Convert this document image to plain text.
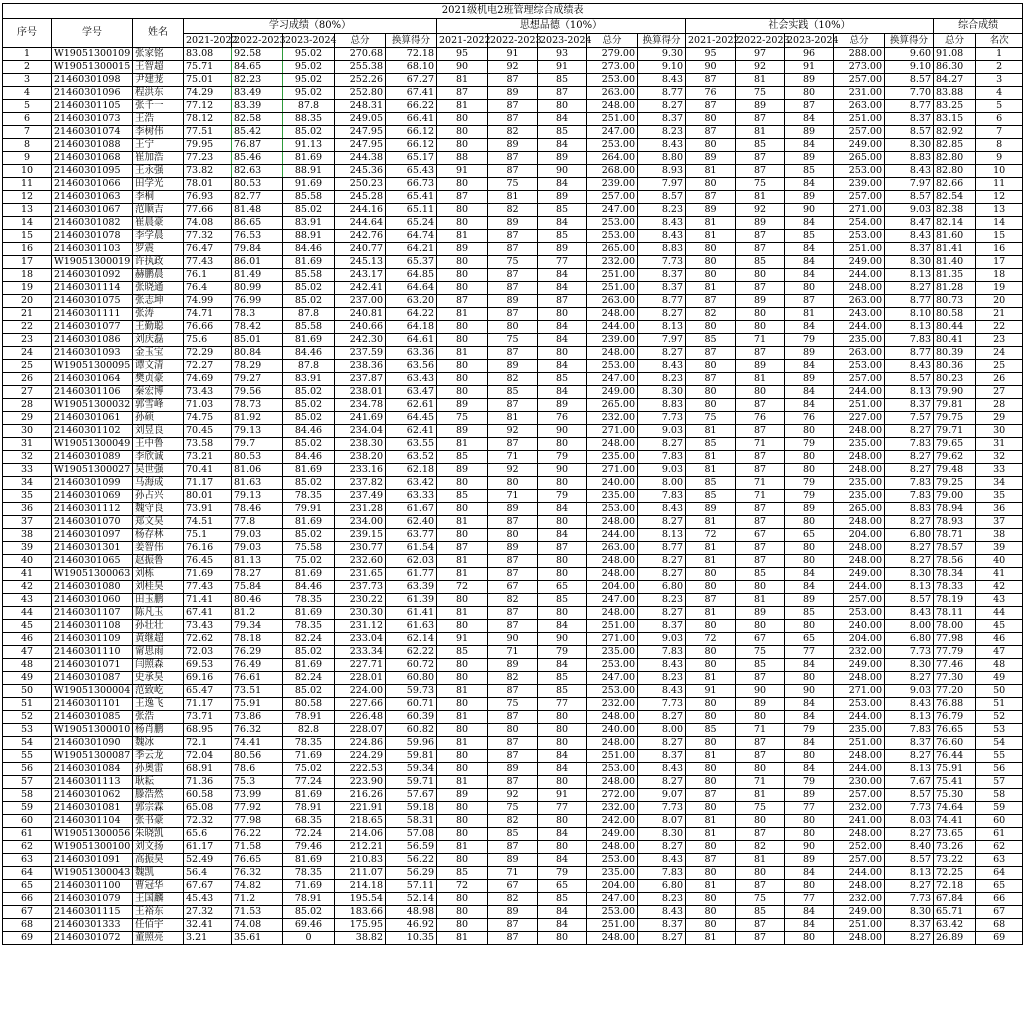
2021级机电2班管理综合成绩表																			
序号	学号	姓名	学习成绩（80%）					思想品德（10%）					社会实践（10%）					综合成绩	
			2021-2022	2022-2023	2023-2024	总分	换算得分	2021-2022	2022-2023	2023-2024	总分	换算得分	2021-2022	2022-2023	2023-2024	总分	换算得分	总分	名次
1	W19051300109	张家铭	83.08	92.58	95.02	270.68	72.18	95	91	93	279.00	9.30	95	97	96	288.00	9.60	91.08	1
2	W19051300015	王智超	75.71	84.65	95.02	255.38	68.10	90	92	91	273.00	9.10	90	92	91	273.00	9.10	86.30	2
3	21460301098	尹建茏	75.01	82.23	95.02	252.26	67.27	81	87	85	253.00	8.43	87	81	89	257.00	8.57	84.27	3
4	21460301096	程洪东	74.29	83.49	95.02	252.80	67.41	87	89	87	263.00	8.77	76	75	80	231.00	7.70	83.88	4
5	21460301105	张千一	77.12	83.39	87.8	248.31	66.22	81	87	80	248.00	8.27	87	89	87	263.00	8.77	83.25	5
6	21460301073	王浩	78.12	82.58	88.35	249.05	66.41	80	87	84	251.00	8.37	80	87	84	251.00	8.37	83.15	6
7	21460301074	李树伟	77.51	85.42	85.02	247.95	66.12	80	82	85	247.00	8.23	87	81	89	257.00	8.57	82.92	7
8	21460301088	王宁	79.95	76.87	91.13	247.95	66.12	80	89	84	253.00	8.43	80	85	84	249.00	8.30	82.85	8
9	21460301068	崔加浩	77.23	85.46	81.69	244.38	65.17	88	87	89	264.00	8.80	89	87	89	265.00	8.83	82.80	9
10	21460301095	王永强	73.82	82.63	88.91	245.36	65.43	91	87	90	268.00	8.93	81	87	85	253.00	8.43	82.80	10
11	21460301066	田学光	78.01	80.53	91.69	250.23	66.73	80	75	84	239.00	7.97	80	75	84	239.00	7.97	82.66	11
12	21460301063	李桐	76.93	82.77	85.58	245.28	65.41	87	81	89	257.00	8.57	87	81	89	257.00	8.57	82.54	12
13	21460301067	范顺吉	77.66	81.48	85.02	244.16	65.11	80	82	85	247.00	8.23	89	92	90	271.00	9.03	82.38	13
14	21460301082	崔晨豪	74.08	86.65	83.91	244.64	65.24	80	89	84	253.00	8.43	81	89	84	254.00	8.47	82.14	14
15	21460301078	李学晨	77.32	76.53	88.91	242.76	64.74	81	87	85	253.00	8.43	81	87	85	253.00	8.43	81.60	15
16	21460301103	罗震	76.47	79.84	84.46	240.77	64.21	89	87	89	265.00	8.83	80	87	84	251.00	8.37	81.41	16
17	W19051300019	许执政	77.43	86.01	81.69	245.13	65.37	80	75	77	232.00	7.73	80	85	84	249.00	8.30	81.40	17
18	21460301092	赫鹏晨	76.1	81.49	85.58	243.17	64.85	80	87	84	251.00	8.37	80	80	84	244.00	8.13	81.35	18
19	21460301114	张晓通	76.4	80.99	85.02	242.41	64.64	80	87	84	251.00	8.37	81	87	80	248.00	8.27	81.28	19
20	21460301075	张志坤	74.99	76.99	85.02	237.00	63.20	87	89	87	263.00	8.77	87	89	87	263.00	8.77	80.73	20
21	21460301111	张涛	74.71	78.3	87.8	240.81	64.22	81	87	80	248.00	8.27	82	80	81	243.00	8.10	80.58	21
22	21460301077	王勤聪	76.66	78.42	85.58	240.66	64.18	80	80	84	244.00	8.13	80	80	84	244.00	8.13	80.44	22
23	21460301086	刘庆磊	75.6	85.01	81.69	242.30	64.61	80	75	84	239.00	7.97	85	71	79	235.00	7.83	80.41	23
24	21460301093	金玉宝	72.29	80.84	84.46	237.59	63.36	81	87	80	248.00	8.27	87	87	89	263.00	8.77	80.39	24
25	W19051300095	谭文清	72.27	78.29	87.8	238.36	63.56	80	89	84	253.00	8.43	80	89	84	253.00	8.43	80.36	25
26	21460301064	樊贞豪	74.69	79.27	83.91	237.87	63.43	80	82	85	247.00	8.23	87	81	89	257.00	8.57	80.23	26
27	21460301106	秦宏博	73.43	79.56	85.02	238.01	63.47	80	85	84	249.00	8.30	80	80	84	244.00	8.13	79.90	27
28	W19051300032	郭雪峰	71.03	78.73	85.02	234.78	62.61	89	87	89	265.00	8.83	80	87	84	251.00	8.37	79.81	28
29	21460301061	孙硕	74.75	81.92	85.02	241.69	64.45	75	81	76	232.00	7.73	75	76	76	227.00	7.57	79.75	29
30	21460301102	刘昱良	70.45	79.13	84.46	234.04	62.41	89	92	90	271.00	9.03	81	87	80	248.00	8.27	79.71	30
31	W19051300049	王中鲁	73.58	79.7	85.02	238.30	63.55	81	87	80	248.00	8.27	85	71	79	235.00	7.83	79.65	31
32	21460301089	李欣诚	73.21	80.53	84.46	238.20	63.52	85	71	79	235.00	7.83	81	87	80	248.00	8.27	79.62	32
33	W19051300027	吴世强	70.41	81.06	81.69	233.16	62.18	89	92	90	271.00	9.03	81	87	80	248.00	8.27	79.48	33
34	21460301099	马海成	71.17	81.63	85.02	237.82	63.42	80	80	80	240.00	8.00	85	71	79	235.00	7.83	79.25	34
35	21460301069	孙占兴	80.01	79.13	78.35	237.49	63.33	85	71	79	235.00	7.83	85	71	79	235.00	7.83	79.00	35
36	21460301112	魏守良	73.91	78.46	79.91	231.28	61.67	80	89	84	253.00	8.43	89	87	89	265.00	8.83	78.94	36
37	21460301070	郑文昊	74.51	77.8	81.69	234.00	62.40	81	87	80	248.00	8.27	81	87	80	248.00	8.27	78.93	37
38	21460301097	杨存林	75.1	79.03	85.02	239.15	63.77	80	80	84	244.00	8.13	72	67	65	204.00	6.80	78.71	38
39	21460301301	姜智伟	76.16	79.03	75.58	230.77	61.54	87	89	87	263.00	8.77	81	87	80	248.00	8.27	78.57	39
40	21460301065	赵振鲁	76.45	81.13	75.02	232.60	62.03	81	87	80	248.00	8.27	81	87	80	248.00	8.27	78.56	40
41	W19051300063	刘栋	71.69	78.27	81.69	231.65	61.77	81	87	80	248.00	8.27	80	85	84	249.00	8.30	78.34	41
42	21460301080	刘桂昊	77.43	75.84	84.46	237.73	63.39	72	67	65	204.00	6.80	80	80	84	244.00	8.13	78.33	42
43	21460301060	田玉鹏	71.41	80.46	78.35	230.22	61.39	80	82	85	247.00	8.23	87	81	89	257.00	8.57	78.19	43
44	21460301107	陈凡玉	67.41	81.2	81.69	230.30	61.41	81	87	80	248.00	8.27	81	89	85	253.00	8.43	78.11	44
45	21460301108	孙壮壮	73.43	79.34	78.35	231.12	61.63	80	87	84	251.00	8.37	80	80	80	240.00	8.00	78.00	45
46	21460301109	黄继超	72.62	78.18	82.24	233.04	62.14	91	90	90	271.00	9.03	72	67	65	204.00	6.80	77.98	46
47	21460301110	甯思雨	72.03	76.29	85.02	233.34	62.22	85	71	79	235.00	7.83	80	75	77	232.00	7.73	77.79	47
48	21460301071	闫照森	69.53	76.49	81.69	227.71	60.72	80	89	84	253.00	8.43	80	85	84	249.00	8.30	77.46	48
49	21460301087	史承昊	69.16	76.61	82.24	228.01	60.80	80	82	85	247.00	8.23	81	87	80	248.00	8.27	77.30	49
50	W19051300004	范致屹	65.47	73.51	85.02	224.00	59.73	81	87	85	253.00	8.43	91	90	90	271.00	9.03	77.20	50
51	21460301101	王逸飞	71.17	75.91	80.58	227.66	60.71	80	75	77	232.00	7.73	80	89	84	253.00	8.43	76.88	51
52	21460301085	张浩	73.71	73.86	78.91	226.48	60.39	81	87	80	248.00	8.27	80	80	84	244.00	8.13	76.79	52
53	W19051300010	杨肖鹏	68.95	76.32	82.8	228.07	60.82	80	80	80	240.00	8.00	85	71	79	235.00	7.83	76.65	53
54	21460301090	魏冰	72.1	74.41	78.35	224.86	59.96	81	87	80	248.00	8.27	80	87	84	251.00	8.37	76.60	54
55	W19051300087	季云龙	72.04	80.56	71.69	224.29	59.81	80	87	84	251.00	8.37	81	87	80	248.00	8.27	76.44	55
56	21460301084	孙奥雷	68.91	78.6	75.02	222.53	59.34	80	89	84	253.00	8.43	80	80	84	244.00	8.13	75.91	56
57	21460301113	耿耘	71.36	75.3	77.24	223.90	59.71	81	87	80	248.00	8.27	80	71	79	230.00	7.67	75.41	57
58	21460301062	滕浩然	60.58	73.99	81.69	216.26	57.67	89	92	91	272.00	9.07	87	81	89	257.00	8.57	75.30	58
59	21460301081	郭宗霖	65.08	77.92	78.91	221.91	59.18	80	75	77	232.00	7.73	80	75	77	232.00	7.73	74.64	59
60	21460301104	张书豪	72.32	77.98	68.35	218.65	58.31	80	82	80	242.00	8.07	81	80	80	241.00	8.03	74.41	60
61	W19051300056	朱晓凯	65.6	76.22	72.24	214.06	57.08	80	85	84	249.00	8.30	81	87	80	248.00	8.27	73.65	61
62	W19051300100	刘文扬	61.17	71.58	79.46	212.21	56.59	81	87	80	248.00	8.27	80	82	90	252.00	8.40	73.26	62
63	21460301091	高振昊	52.49	76.65	81.69	210.83	56.22	80	89	84	253.00	8.43	87	81	89	257.00	8.57	73.22	63
64	W19051300043	魏凯	56.4	76.32	78.35	211.07	56.29	85	71	79	235.00	7.83	80	80	84	244.00	8.13	72.25	64
65	21460301100	曹冠华	67.67	74.82	71.69	214.18	57.11	72	67	65	204.00	6.80	81	87	80	248.00	8.27	72.18	65
66	21460301079	王国麟	45.43	71.2	78.91	195.54	52.14	80	82	85	247.00	8.23	80	75	77	232.00	7.73	67.84	66
67	21460301115	王裕东	27.32	71.53	85.02	183.66	48.98	80	89	84	253.00	8.43	80	85	84	249.00	8.30	65.71	67
68	21460301333	任佰宇	32.41	74.08	69.46	175.95	46.92	80	87	84	251.00	8.37	80	87	84	251.00	8.37	63.42	68
69	21460301072	董照亮	3.21	35.61	0	38.82	10.35	81	87	80	248.00	8.27	81	87	80	248.00	8.27	26.89	69
